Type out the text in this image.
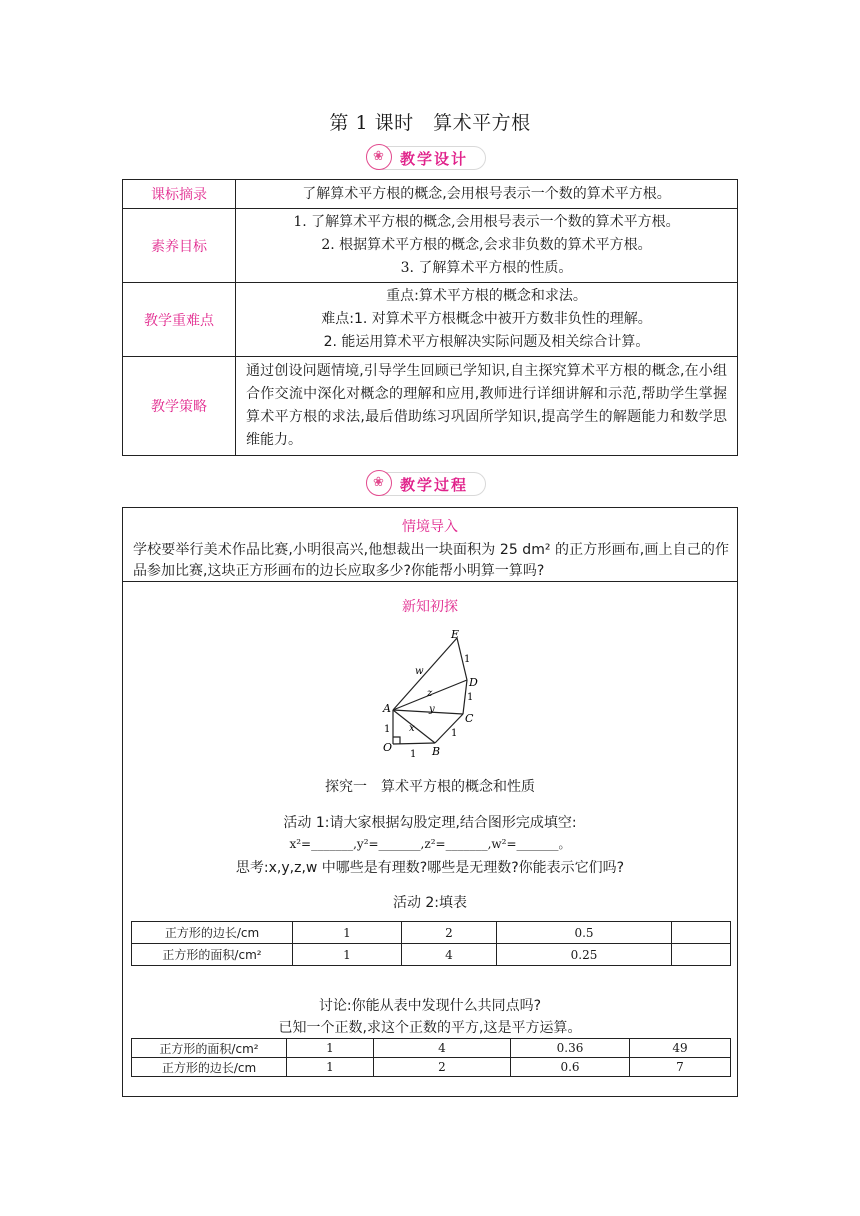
第 1 课时　算术平方根
❀ 教学设计
课标摘录	了解算术平方根的概念,会用根号表示一个数的算术平方根。
素养目标	1. 了解算术平方根的概念,会用根号表示一个数的算术平方根。
2. 根据算术平方根的概念,会求非负数的算术平方根。
3. 了解算术平方根的性质。

教学重难点	重点:算术平方根的概念和求法。
难点:1. 对算术平方根概念中被开方数非负性的理解。
2. 能运用算术平方根解决实际问题及相关综合计算。

教学策略	通过创设问题情境,引导学生回顾已学知识,自主探究算术平方根的概念,在小组合作交流中深化对概念的理解和应用,教师进行详细讲解和示范,帮助学生掌握算术平方根的求法,最后借助练习巩固所学知识,提高学生的解题能力和数学思维能力。
❀ 教学过程
情境导入
学校要举行美术作品比赛,小明很高兴,他想裁出一块面积为 25 dm² 的正方形画布,画上自己的作品参加比赛,这块正方形画布的边长应取多少?你能帮小明算一算吗?
新知初探
E
D
C
B
A
O
w
z
y
x
1
1
1
1
1
探究一　算术平方根的概念和性质
活动 1:请大家根据勾股定理,结合图形完成填空:
x²=_______,y²=_______,z²=_______,w²=_______。
思考:x,y,z,w 中哪些是有理数?哪些是无理数?你能表示它们吗?
活动 2:填表
正方形的边长/cm	1	2	0.5	
正方形的面积/cm²	1	4	0.25	
讨论:你能从表中发现什么共同点吗?
已知一个正数,求这个正数的平方,这是平方运算。
正方形的面积/cm²	1	4	0.36	49
正方形的边长/cm	1	2	0.6	7
